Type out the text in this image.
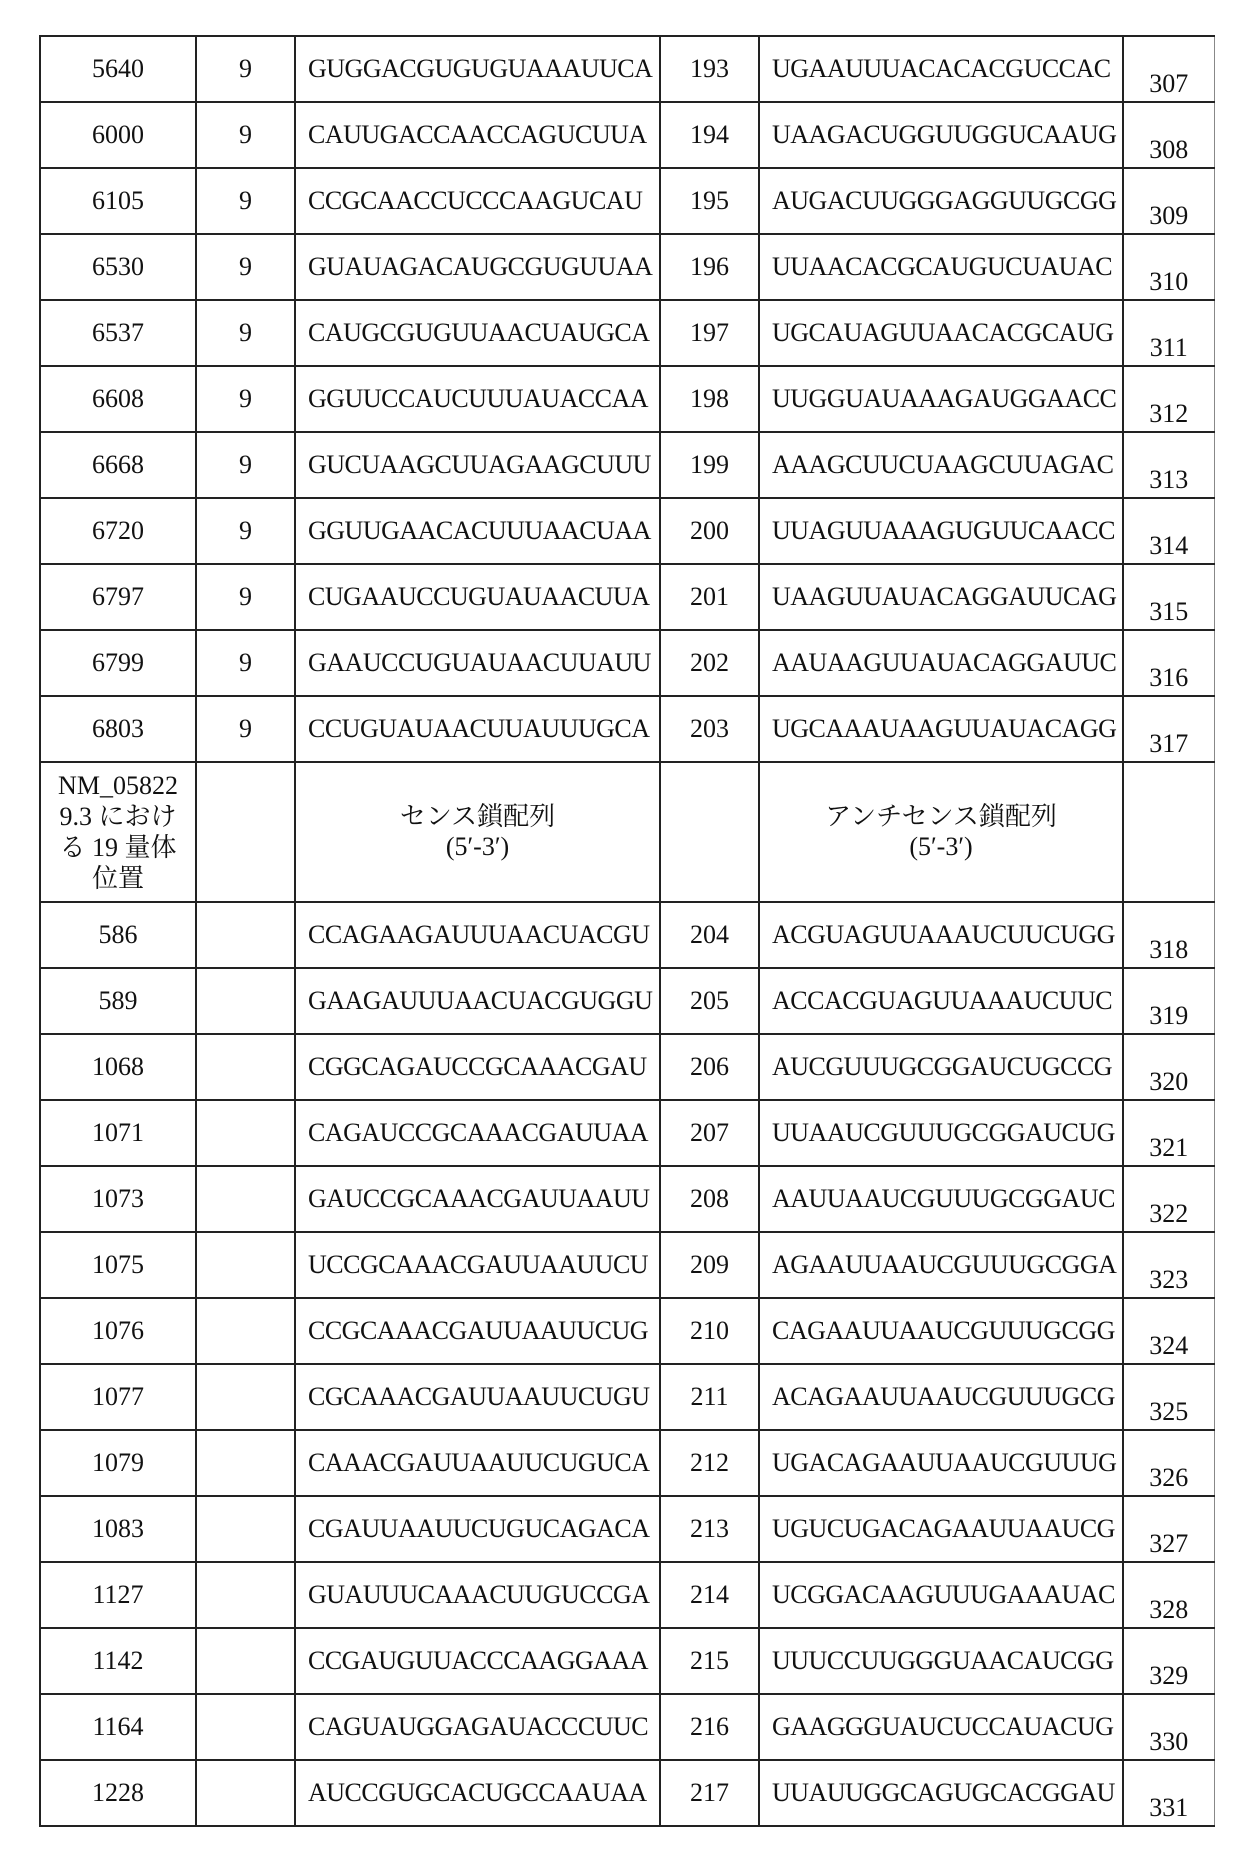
5640	9	GUGGACGUGUGUAAAUUCA	193	UGAAUUUACACACGUCCAC	307
6000	9	CAUUGACCAACCAGUCUUA	194	UAAGACUGGUUGGUCAAUG	308
6105	9	CCGCAACCUCCCAAGUCAU	195	AUGACUUGGGAGGUUGCGG	309
6530	9	GUAUAGACAUGCGUGUUAA	196	UUAACACGCAUGUCUAUAC	310
6537	9	CAUGCGUGUUAACUAUGCA	197	UGCAUAGUUAACACGCAUG	311
6608	9	GGUUCCAUCUUUAUACCAA	198	UUGGUAUAAAGAUGGAACC	312
6668	9	GUCUAAGCUUAGAAGCUUU	199	AAAGCUUCUAAGCUUAGAC	313
6720	9	GGUUGAACACUUUAACUAA	200	UUAGUUAAAGUGUUCAACC	314
6797	9	CUGAAUCCUGUAUAACUUA	201	UAAGUUAUACAGGAUUCAG	315
6799	9	GAAUCCUGUAUAACUUAUU	202	AAUAAGUUAUACAGGAUUC	316
6803	9	CCUGUAUAACUUAUUUGCA	203	UGCAAAUAAGUUAUACAGG	317

NM_05822
9.3 におけ
る 19 量体
位置

センス鎖配列
(5′-3′)

アンチセンス鎖配列
(5′-3′)

586		CCAGAAGAUUUAACUACGU	204	ACGUAGUUAAAUCUUCUGG	318
589		GAAGAUUUAACUACGUGGU	205	ACCACGUAGUUAAAUCUUC	319
1068		CGGCAGAUCCGCAAACGAU	206	AUCGUUUGCGGAUCUGCCG	320
1071		CAGAUCCGCAAACGAUUAA	207	UUAAUCGUUUGCGGAUCUG	321
1073		GAUCCGCAAACGAUUAAUU	208	AAUUAAUCGUUUGCGGAUC	322
1075		UCCGCAAACGAUUAAUUCU	209	AGAAUUAAUCGUUUGCGGA	323
1076		CCGCAAACGAUUAAUUCUG	210	CAGAAUUAAUCGUUUGCGG	324
1077		CGCAAACGAUUAAUUCUGU	211	ACAGAAUUAAUCGUUUGCG	325
1079		CAAACGAUUAAUUCUGUCA	212	UGACAGAAUUAAUCGUUUG	326
1083		CGAUUAAUUCUGUCAGACA	213	UGUCUGACAGAAUUAAUCG	327
1127		GUAUUUCAAACUUGUCCGA	214	UCGGACAAGUUUGAAAUAC	328
1142		CCGAUGUUACCCAAGGAAA	215	UUUCCUUGGGUAACAUCGG	329
1164		CAGUAUGGAGAUACCCUUC	216	GAAGGGUAUCUCCAUACUG	330
1228		AUCCGUGCACUGCCAAUAA	217	UUAUUGGCAGUGCACGGAU	331
